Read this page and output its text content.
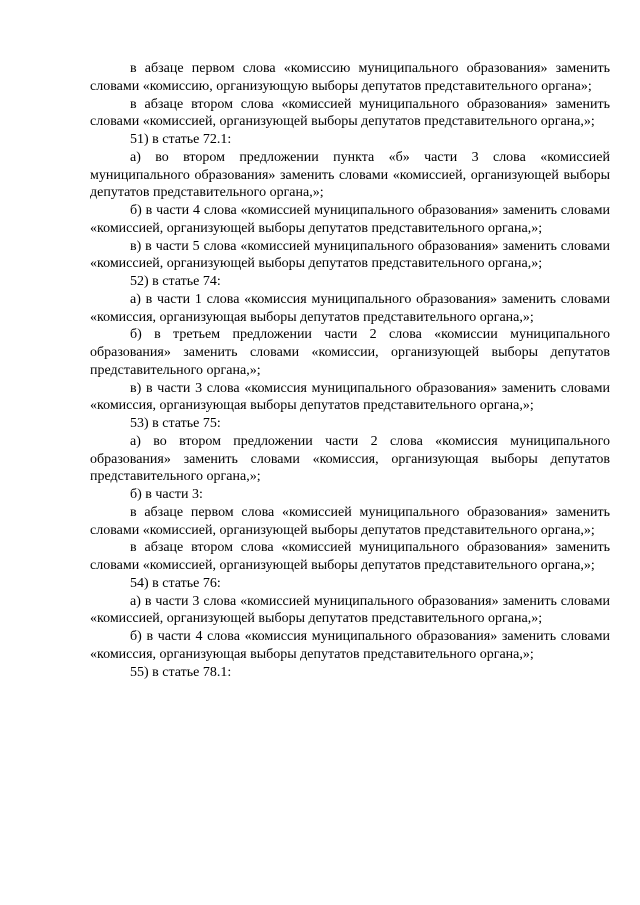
в абзаце первом слова «комиссию муниципального образования» заменить словами «комиссию, организующую выборы депутатов представительного органа»;

в абзаце втором слова «комиссией муниципального образования» заменить словами «комиссией, организующей выборы депутатов представительного органа,»;

51) в статье 72.1:

а) во втором предложении пункта «б» части 3 слова «комиссией муниципального образования» заменить словами «комиссией, организующей выборы депутатов представительного органа,»;

б) в части 4 слова «комиссией муниципального образования» заменить словами «комиссией, организующей выборы депутатов представительного органа,»;

в) в части 5 слова «комиссией муниципального образования» заменить словами «комиссией, организующей выборы депутатов представительного органа,»;

52) в статье 74:

а) в части 1 слова «комиссия муниципального образования» заменить словами «комиссия, организующая выборы депутатов представительного органа,»;

б) в третьем предложении части 2 слова «комиссии муниципального образования» заменить словами «комиссии, организующей выборы депутатов представительного органа,»;

в) в части 3 слова «комиссия муниципального образования» заменить словами «комиссия, организующая выборы депутатов представительного органа,»;

53) в статье 75:

а) во втором предложении части 2 слова «комиссия муниципального образования» заменить словами «комиссия, организующая выборы депутатов представительного органа,»;

б) в части 3:

в абзаце первом слова «комиссией муниципального образования» заменить словами «комиссией, организующей выборы депутатов представительного органа,»;

в абзаце втором слова «комиссией муниципального образования» заменить словами «комиссией, организующей выборы депутатов представительного органа,»;

54) в статье 76:

а) в части 3 слова «комиссией муниципального образования» заменить словами «комиссией, организующей выборы депутатов представительного органа,»;

б) в части 4 слова «комиссия муниципального образования» заменить словами «комиссия, организующая выборы депутатов представительного органа,»;

55) в статье 78.1:
